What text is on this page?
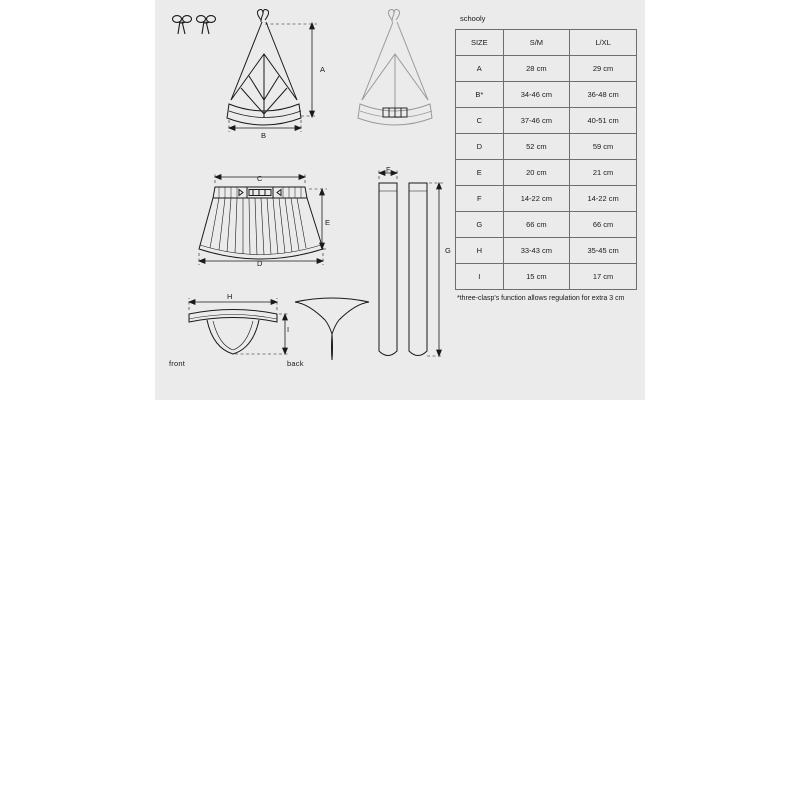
A
B
C
E
D
H
I
front	back
F
G
schooly
SIZE	S/M	L/XL
A	28 cm	29 cm
B*	34-46 cm	36-48 cm
C	37-46 cm	40-51 cm
D	52 cm	59 cm
E	20 cm	21 cm
F	14-22 cm	14-22 cm
G	66 cm	66 cm
H	33-43 cm	35-45 cm
I	15 cm	17 cm
*three-clasp's function allows regulation for extra 3 cm
